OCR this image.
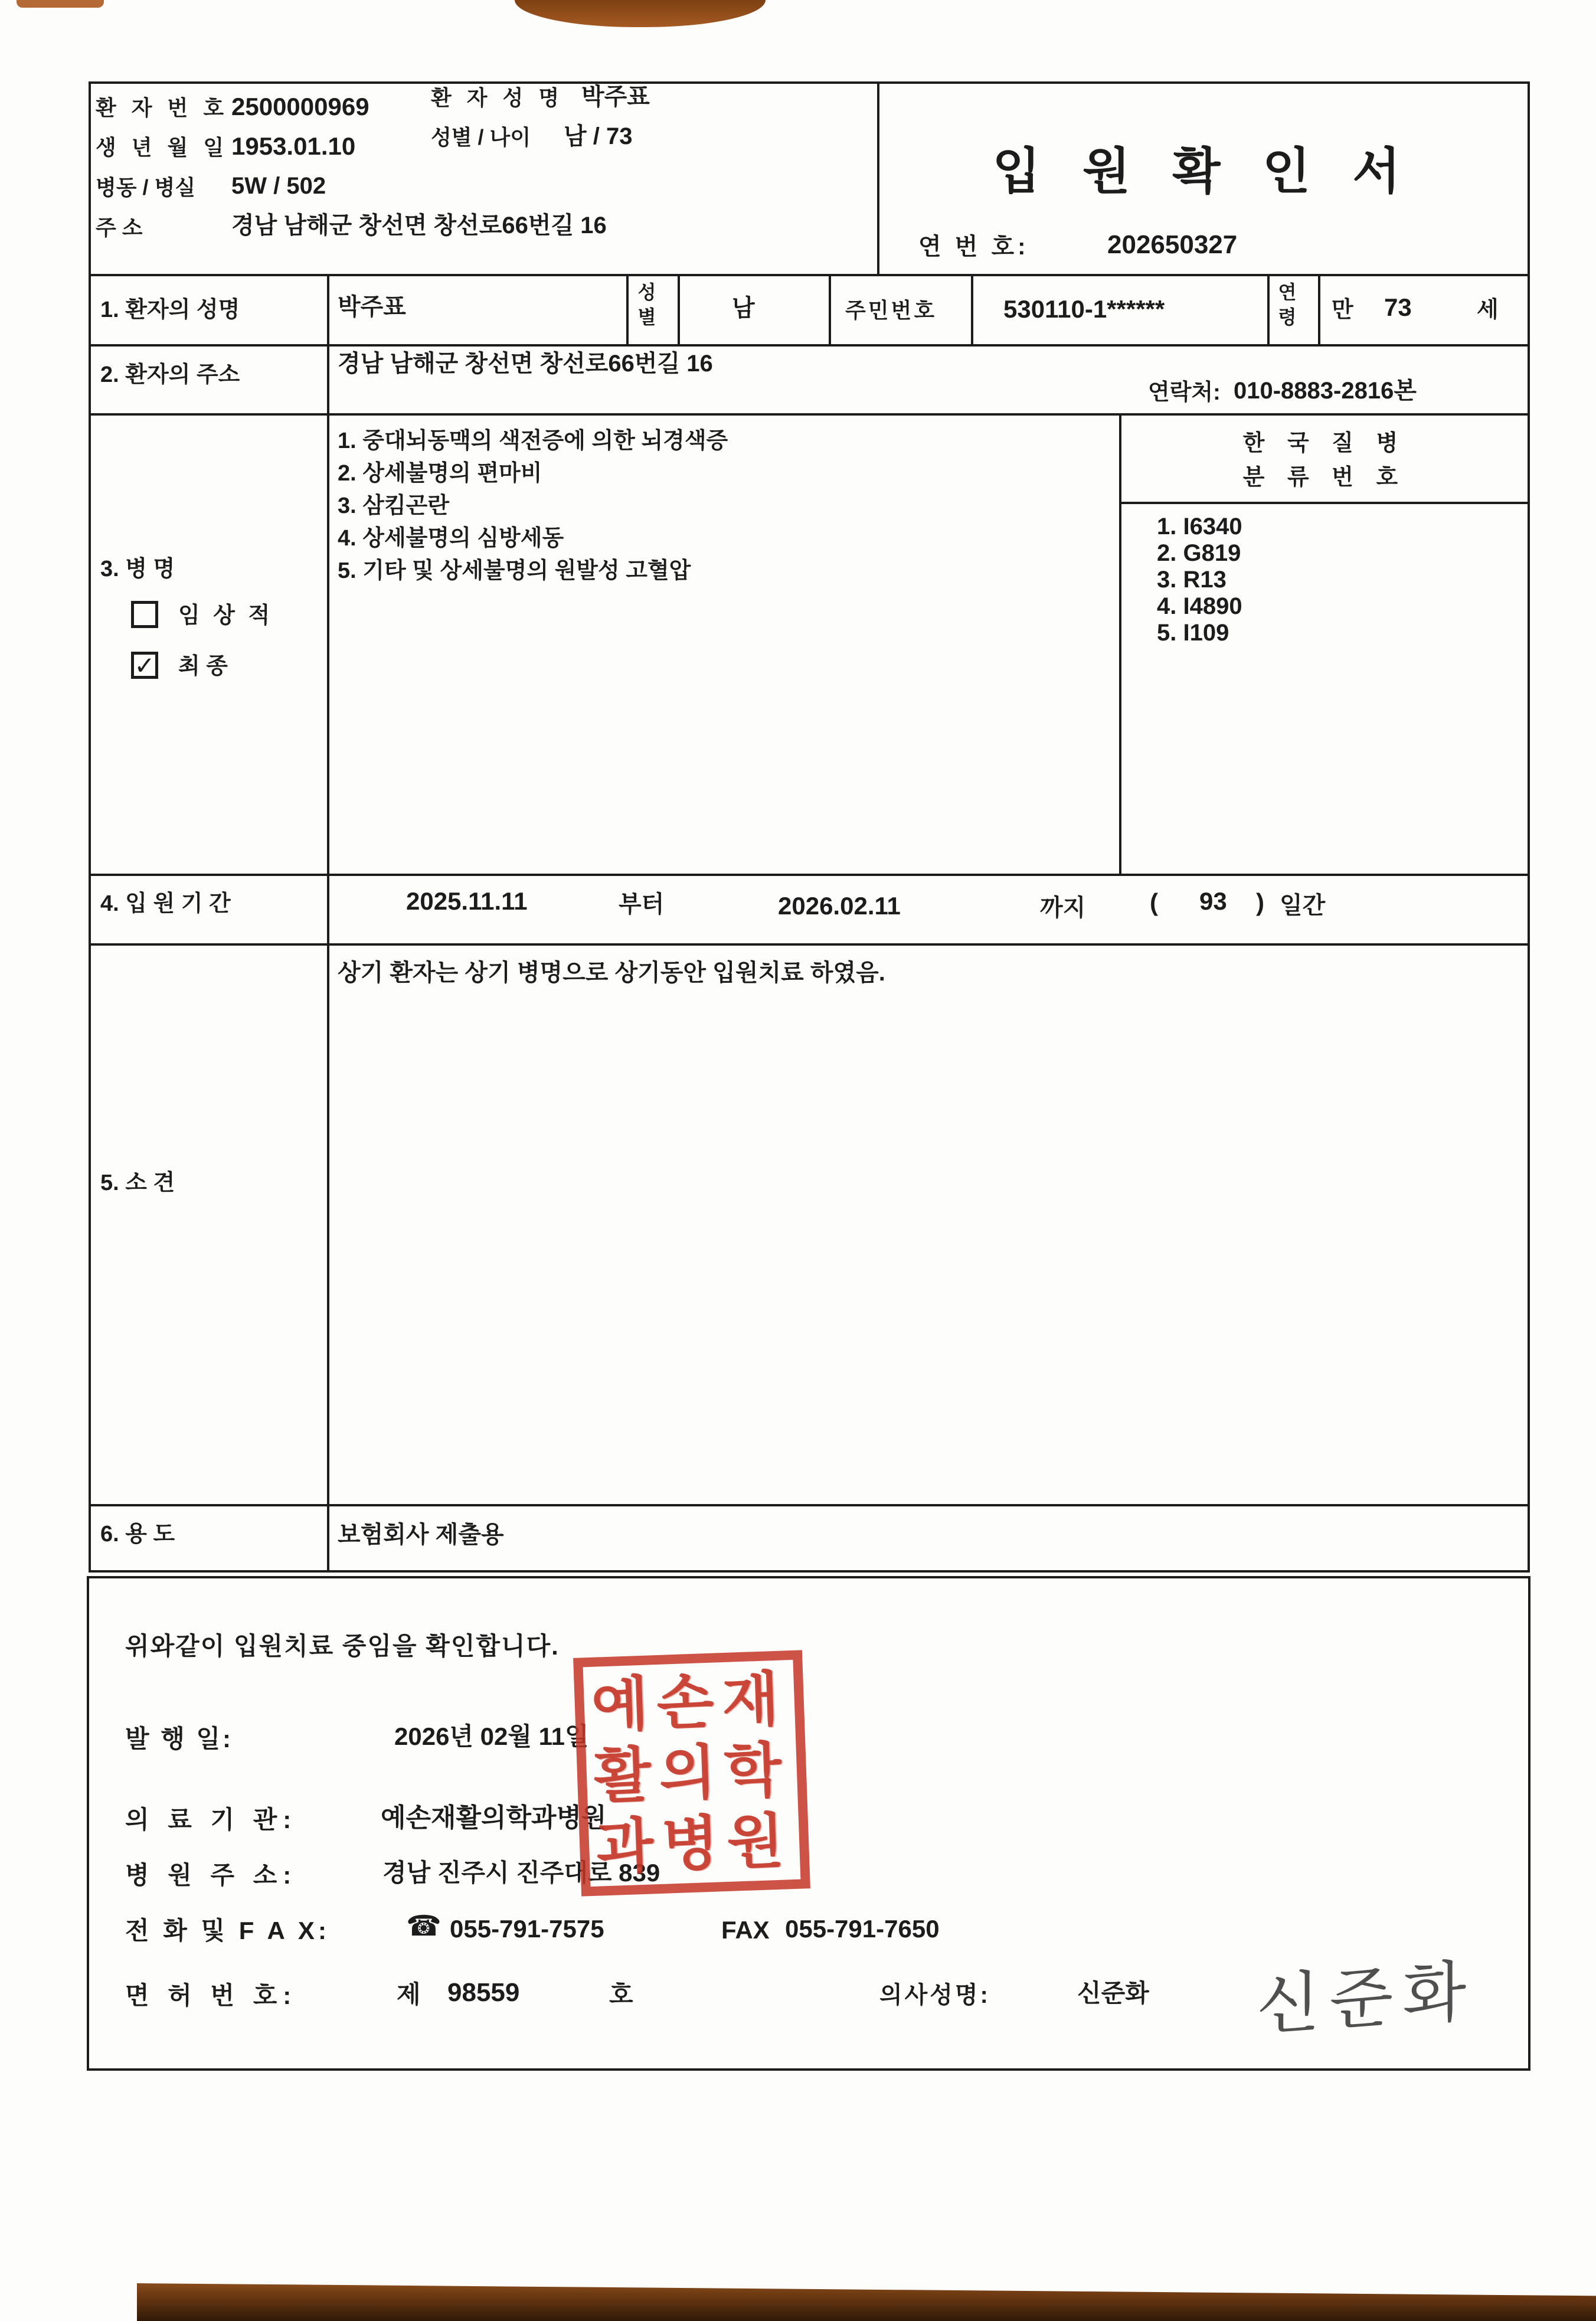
환 자 번 호 2500000969	환 자 성 명 박주표
생 년 월 일 1953.01.10	성별 / 나이 남 / 73
병동 / 병실 5W / 502
주 소	경남 남해군 창선면 창선로66번길 16
입 원 확 인 서
연 번 호:	202650327
1. 환자의 성명	박주표	성별	남	주민번호	530110-1******	연령 만 73	세
2. 환자의 주소	경남 남해군 창선면 창선로66번길 16
연락처: 010-8883-2816본
3. 병 명
임 상 적
✓ 최 종
1. 중대뇌동맥의 색전증에 의한 뇌경색증
2. 상세불명의 편마비
3. 삼킴곤란
4. 상세불명의 심방세동
5. 기타 및 상세불명의 원발성 고혈압
한 국 질 병
분 류 번 호
1. I6340
2. G819
3. R13
4. I4890
5. I109
4. 입 원 기 간	2025.11.11	부터	2026.02.11	까지	( 93 ) 일간
5. 소 견
상기 환자는 상기 병명으로 상기동안 입원치료 하였음.
6. 용 도	보험회사 제출용
위와같이 입원치료 중임을 확인합니다.
발 행 일:	2026년 02월 11일
의 료 기 관:	예손재활의학과병원
병 원 주 소:	경남 진주시 진주대로 839
전 화 및 F A X:	☎ 055-791-7575	FAX 055-791-7650
면 허 번 호:	제 98559	호	의사성명:	신준화
예손재
활의학
과병원
신준화
